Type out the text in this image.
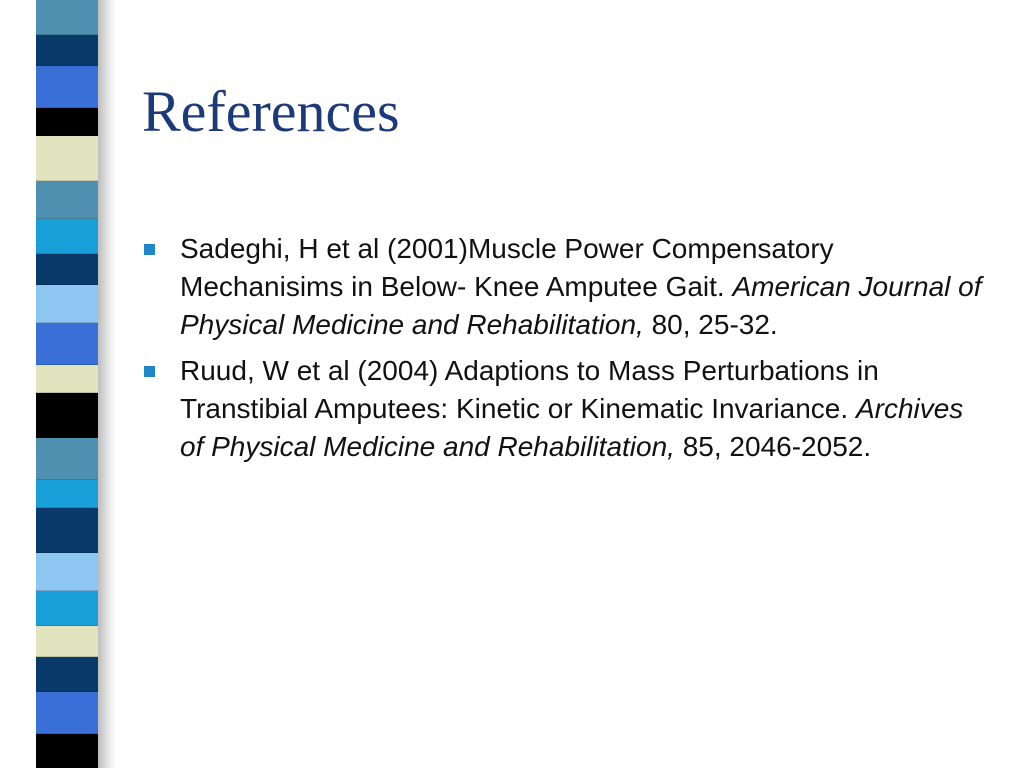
References
Sadeghi, H et al (2001)Muscle Power Compensatory Mechanisims in Below- Knee Amputee Gait. American Journal of Physical Medicine and Rehabilitation, 80, 25-32.
Ruud, W et al (2004) Adaptions to Mass Perturbations in Transtibial Amputees: Kinetic or Kinematic Invariance. Archives of Physical Medicine and Rehabilitation, 85, 2046-2052.
